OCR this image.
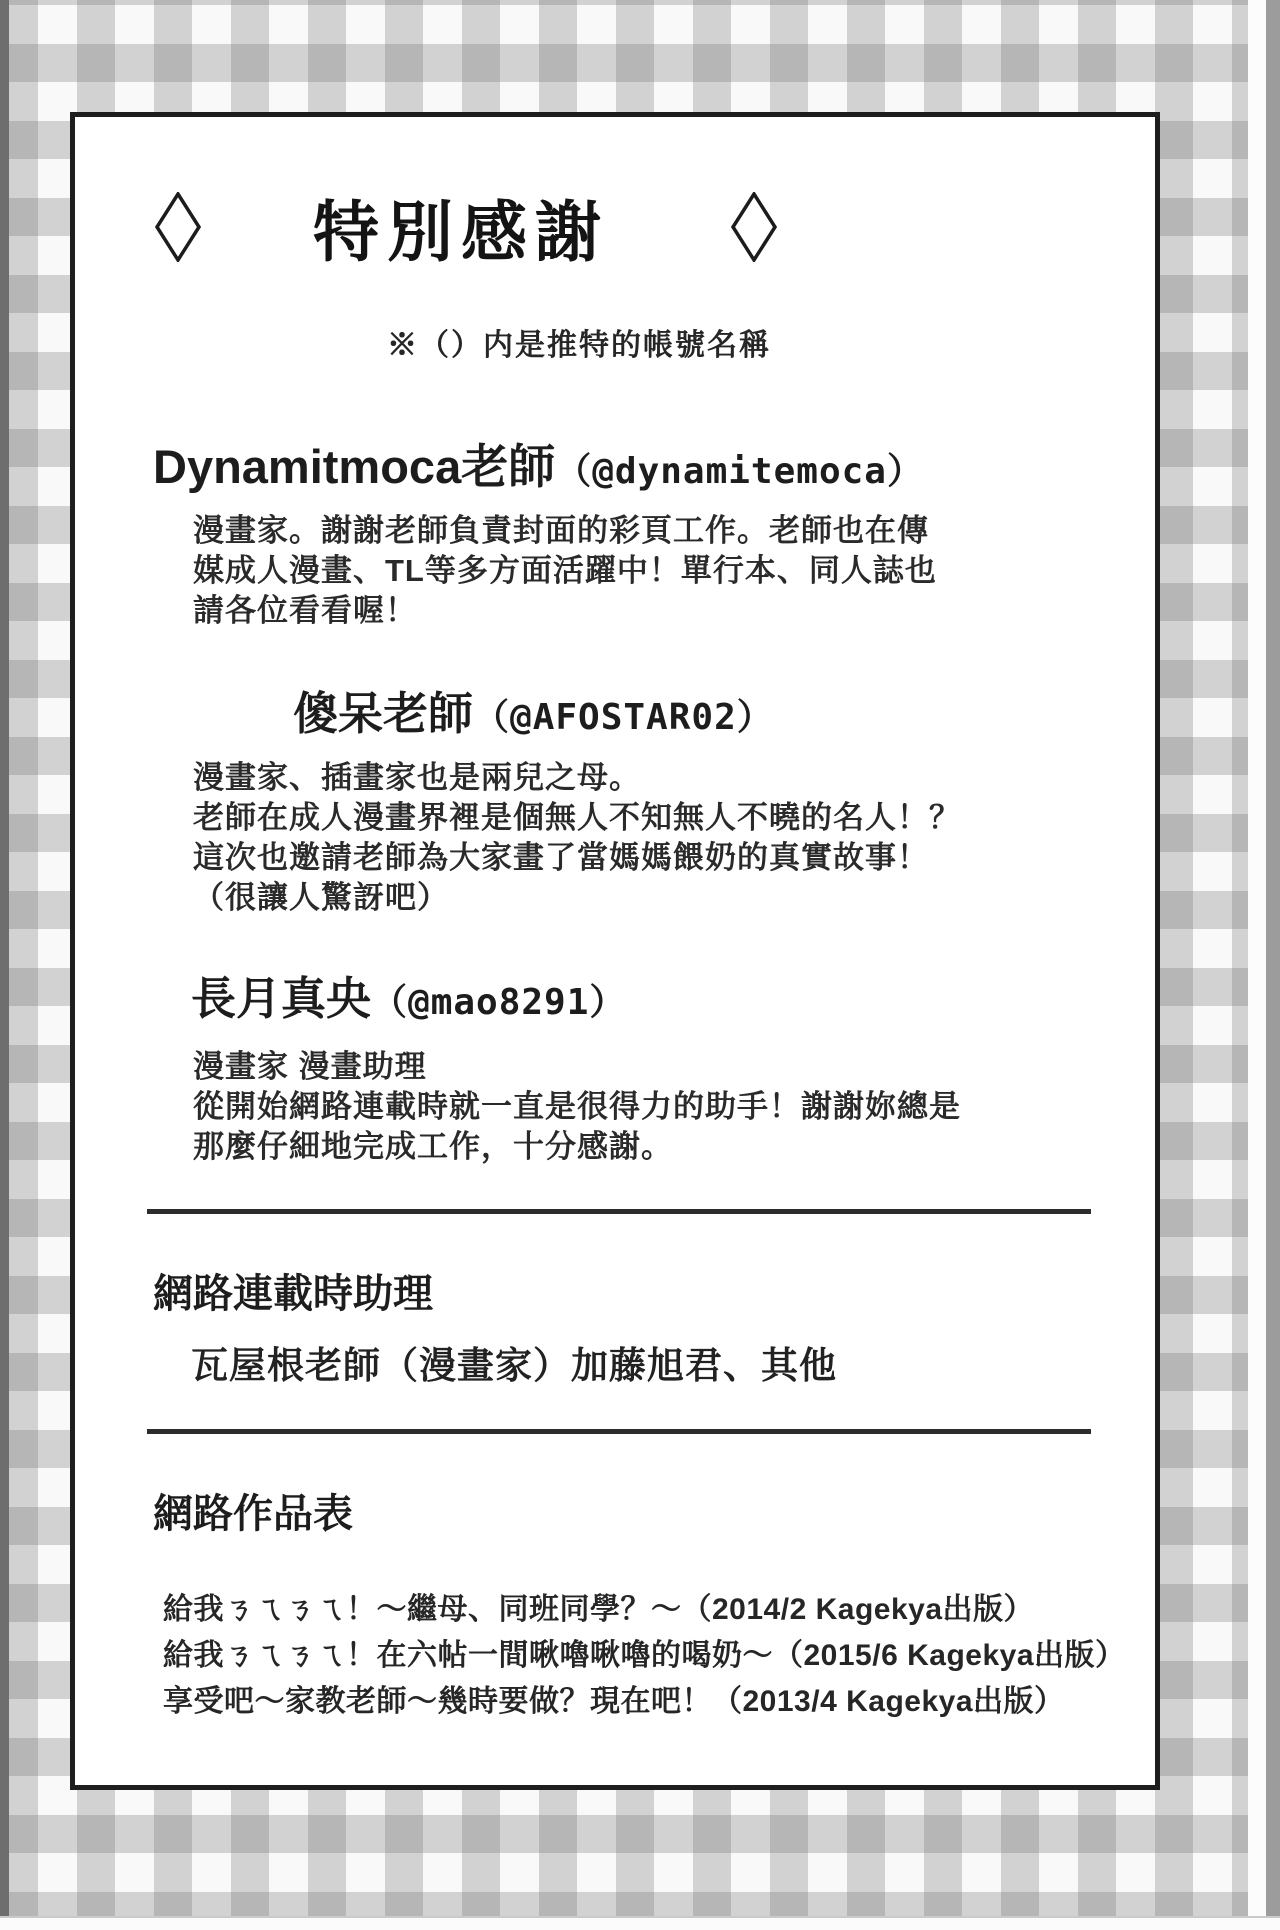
特別感謝
※（）内是推特的帳號名稱
Dynamitmoca老師（@dynamitemoca）
漫畫家。謝謝老師負責封面的彩頁工作。老師也在傳
媒成人漫畫、TL等多方面活躍中！單行本、同人誌也
請各位看看喔！
傻呆老師（@AFOSTAR02）
漫畫家、插畫家也是兩兒之母。
老師在成人漫畫界裡是個無人不知無人不曉的名人！？
這次也邀請老師為大家畫了當媽媽餵奶的真實故事！
（很讓人驚訝吧）
長月真央（@mao8291）
漫畫家 漫畫助理
從開始網路連載時就一直是很得力的助手！謝謝妳總是
那麼仔細地完成工作，十分感謝。
網路連載時助理
瓦屋根老師（漫畫家）加藤旭君、其他
網路作品表
給我ㄋㄟㄋㄟ！～繼母、同班同學？～（2014/2 Kagekya出版）
給我ㄋㄟㄋㄟ！在六帖一間啾嚕啾嚕的喝奶～（2015/6 Kagekya出版）
享受吧～家教老師～幾時要做？現在吧！（2013/4 Kagekya出版）
